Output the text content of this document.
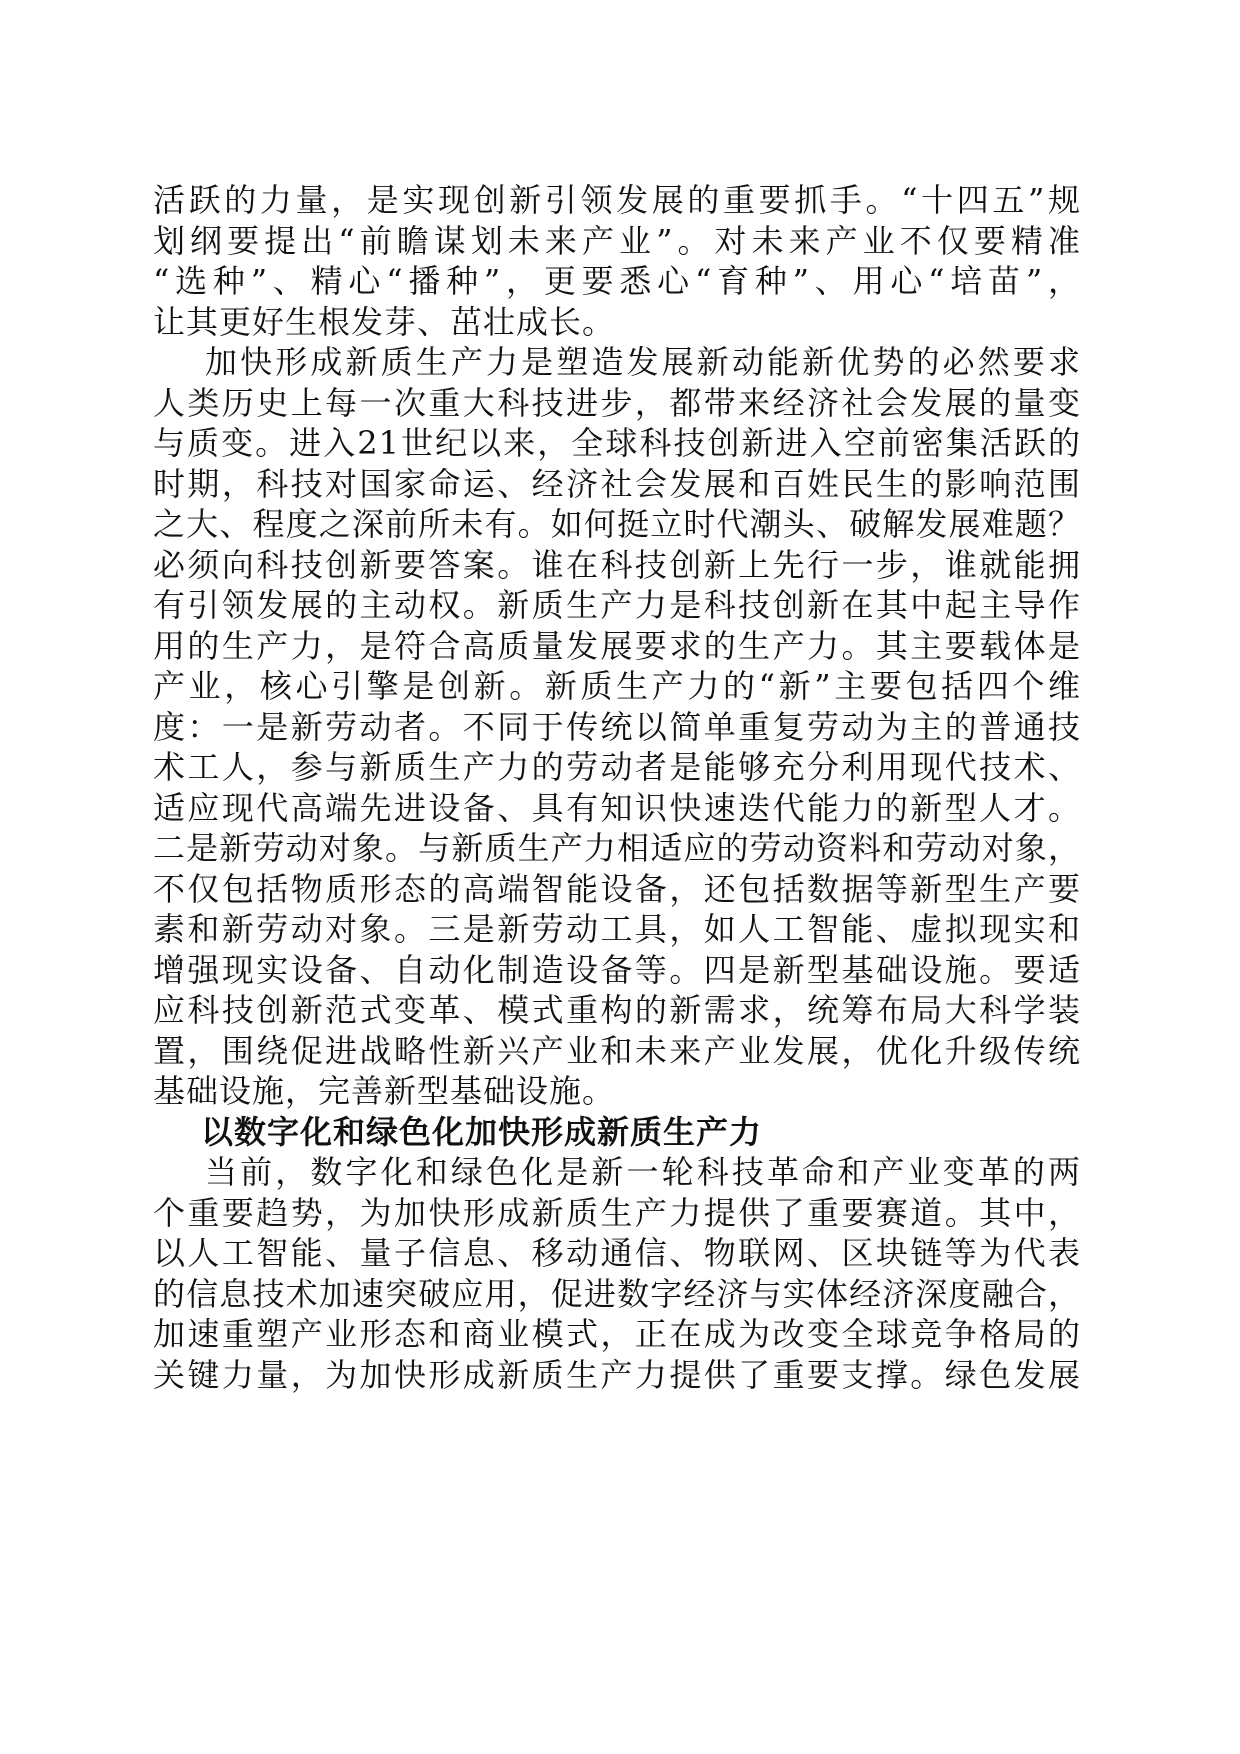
活跃的力量，是实现创新引领发展的重要抓手。“十四五”规
划纲要提出“前瞻谋划未来产业”。对未来产业不仅要精准
“选种”、精心“播种”，更要悉心“育种”、用心“培苗”，
让其更好生根发芽、茁壮成长。
加快形成新质生产力是塑造发展新动能新优势的必然要求
人类历史上每一次重大科技进步，都带来经济社会发展的量变
与质变。进入21世纪以来，全球科技创新进入空前密集活跃的
时期，科技对国家命运、经济社会发展和百姓民生的影响范围
之大、程度之深前所未有。如何挺立时代潮头、破解发展难题？
必须向科技创新要答案。谁在科技创新上先行一步，谁就能拥
有引领发展的主动权。新质生产力是科技创新在其中起主导作
用的生产力，是符合高质量发展要求的生产力。其主要载体是
产业，核心引擎是创新。新质生产力的“新”主要包括四个维
度：一是新劳动者。不同于传统以简单重复劳动为主的普通技
术工人，参与新质生产力的劳动者是能够充分利用现代技术、
适应现代高端先进设备、具有知识快速迭代能力的新型人才。
二是新劳动对象。与新质生产力相适应的劳动资料和劳动对象，
不仅包括物质形态的高端智能设备，还包括数据等新型生产要
素和新劳动对象。三是新劳动工具，如人工智能、虚拟现实和
增强现实设备、自动化制造设备等。四是新型基础设施。要适
应科技创新范式变革、模式重构的新需求，统筹布局大科学装
置，围绕促进战略性新兴产业和未来产业发展，优化升级传统
基础设施，完善新型基础设施。
以数字化和绿色化加快形成新质生产力
当前，数字化和绿色化是新一轮科技革命和产业变革的两
个重要趋势，为加快形成新质生产力提供了重要赛道。其中，
以人工智能、量子信息、移动通信、物联网、区块链等为代表
的信息技术加速突破应用，促进数字经济与实体经济深度融合，
加速重塑产业形态和商业模式，正在成为改变全球竞争格局的
关键力量，为加快形成新质生产力提供了重要支撑。绿色发展
